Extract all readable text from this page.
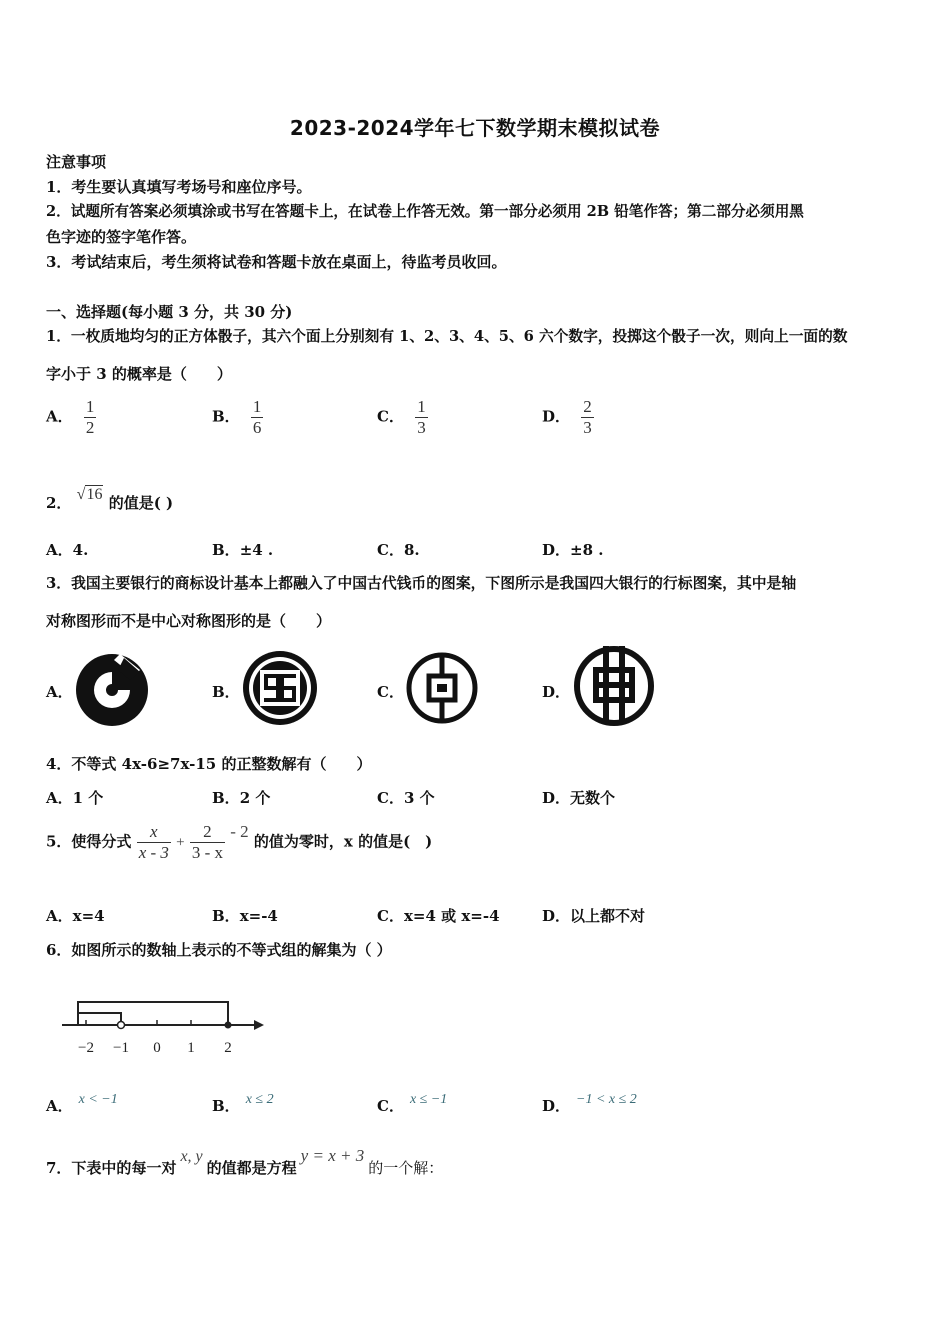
2023-2024学年七下数学期末模拟试卷
注意事项
1．考生要认真填写考场号和座位序号。
2．试题所有答案必须填涂或书写在答题卡上，在试卷上作答无效。第一部分必须用 2B 铅笔作答；第二部分必须用黑
色字迹的签字笔作答。
3．考试结束后，考生须将试卷和答题卡放在桌面上，待监考员收回。
一、选择题(每小题 3 分，共 30 分)
1．一枚质地均匀的正方体骰子，其六个面上分别刻有 1、2、3、4、5、6 六个数字，投掷这个骰子一次，则向上一面的数
字小于 3 的概率是（　　）
A． $\frac{1}{2}$	B． $\frac{1}{6}$	C． $\frac{1}{3}$	D． $\frac{2}{3}$
2． √16 的值是( )
A．4.	B．±4 .	C．8.	D．±8 .
3．我国主要银行的商标设计基本上都融入了中国古代钱币的图案，下图所示是我国四大银行的行标图案，其中是轴
对称图形而不是中心对称图形的是（　　）
A．	B．	C．	D．
4．不等式 4x-6≥7x-15 的正整数解有（　　）
A．1 个	B．2 个	C．3 个	D．无数个
5．使得分式 $\frac{x}{x - 3} + \frac{2}{3 - x} - 2$ 的值为零时，x 的值是(　)
A．x=4	B．x=-4	C．x=4 或 x=-4	D．以上都不对
6．如图所示的数轴上表示的不等式组的解集为（ ）
−2 −1 0 1 2
A． x < −1	B． x ≤ 2	C． x ≤ −1	D． −1 < x ≤ 2
7．下表中的每一对x, y的值都是方程y = x + 3的一个解：
